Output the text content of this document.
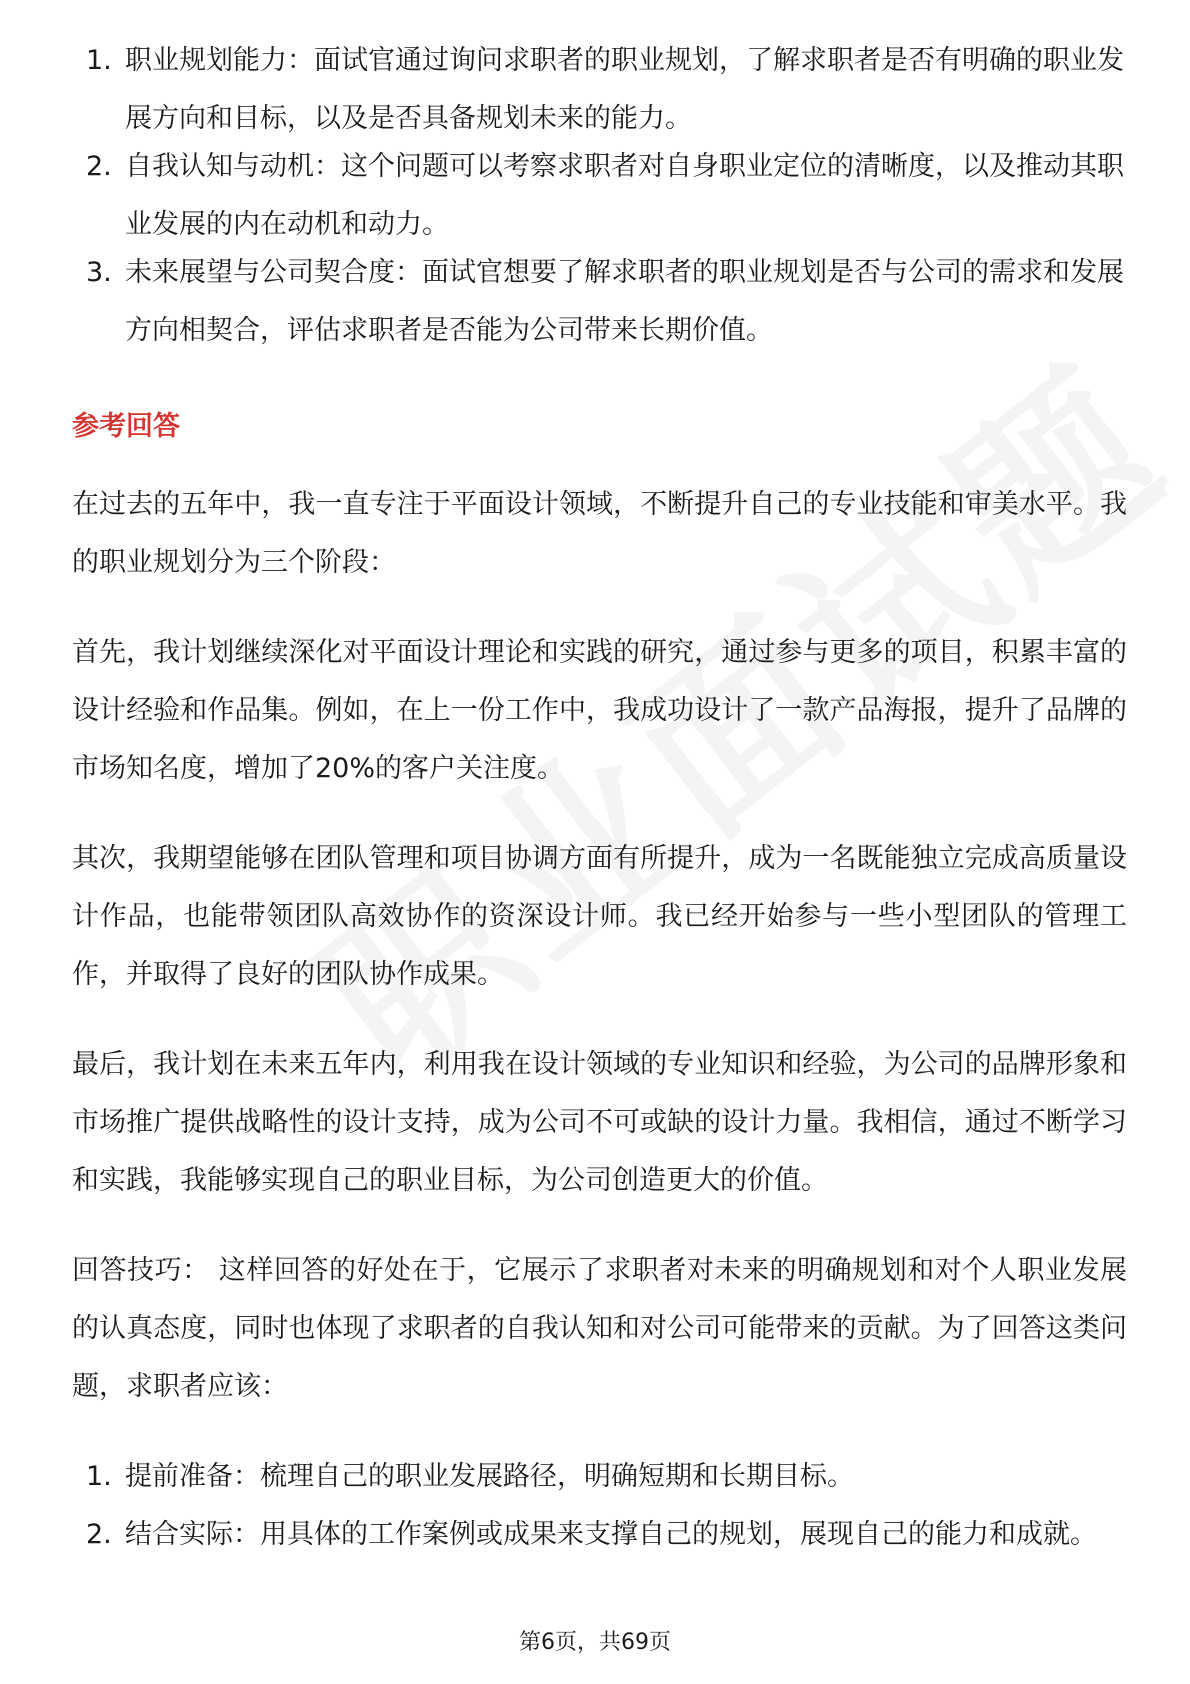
1. 职业规划能力：面试官通过询问求职者的职业规划，了解求职者是否有明确的职业发展方向和目标，以及是否具备规划未来的能力。
2. 自我认知与动机：这个问题可以考察求职者对自身职业定位的清晰度，以及推动其职业发展的内在动机和动力。
3. 未来展望与公司契合度：面试官想要了解求职者的职业规划是否与公司的需求和发展方向相契合，评估求职者是否能为公司带来长期价值。
参考回答
在过去的五年中，我一直专注于平面设计领域，不断提升自己的专业技能和审美水平。我的职业规划分为三个阶段：
首先，我计划继续深化对平面设计理论和实践的研究，通过参与更多的项目，积累丰富的设计经验和作品集。例如，在上一份工作中，我成功设计了一款产品海报，提升了品牌的市场知名度，增加了20%的客户关注度。
其次，我期望能够在团队管理和项目协调方面有所提升，成为一名既能独立完成高质量设计作品，也能带领团队高效协作的资深设计师。我已经开始参与一些小型团队的管理工作，并取得了良好的团队协作成果。
最后，我计划在未来五年内，利用我在设计领域的专业知识和经验，为公司的品牌形象和市场推广提供战略性的设计支持，成为公司不可或缺的设计力量。我相信，通过不断学习和实践，我能够实现自己的职业目标，为公司创造更大的价值。
回答技巧： 这样回答的好处在于，它展示了求职者对未来的明确规划和对个人职业发展的认真态度，同时也体现了求职者的自我认知和对公司可能带来的贡献。为了回答这类问题，求职者应该：
1. 提前准备：梳理自己的职业发展路径，明确短期和长期目标。
2. 结合实际：用具体的工作案例或成果来支撑自己的规划，展现自己的能力和成就。
第6页，共69页
